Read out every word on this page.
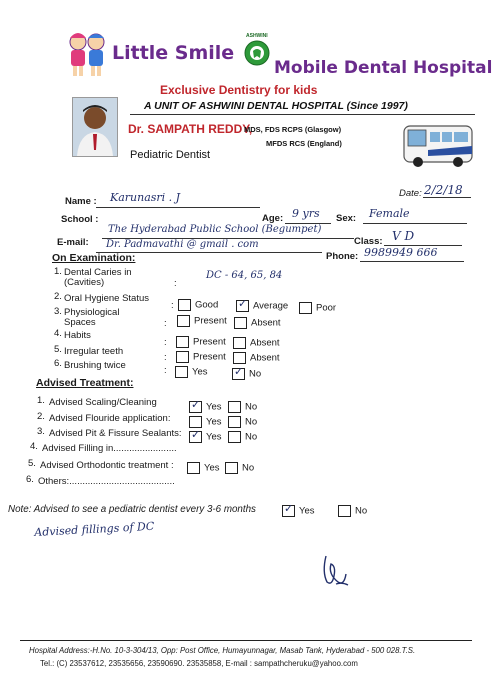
Little Smile
ASHWINI
Mobile Dental Hospital
Exclusive Dentistry for kids
A UNIT OF ASHWINI DENTAL HOSPITAL (Since 1997)
Dr. SAMPATH REDDY,
MDS, FDS RCPS (Glasgow)
MFDS RCS (England)
Pediatric Dentist
Date: 2/2/18
Name : Karunasri . J
Age: 9 yrs Sex: Female
School :
The Hyderabad Public School (Begumpet)
Class: V D
E-mail: Dr. Padmavathi @ gmail . com
Phone: 9989949 666
On Examination:
1. Dental Caries in
(Cavities)	:
DC - 64, 65, 84
2. Oral Hygiene Status
:	Good ✓	Average	Poor
3. Physiological
Spaces	:	Present	Absent
4. Habits
:	Present	Absent
5. Irregular teeth
:	Present	Absent
6. Brushing twice	:	Yes ✓	No
Advised Treatment:
1. Advised Scaling/Cleaning ✓	Yes	No
2. Advised Flouride application:	Yes	No
3. Advised Pit & Fissure Sealants: ✓	Yes	No
4. Advised Filling in........................
5. Advised Orthodontic treatment :	Yes	No
6. Others:........................................
Note: Advised to see a pediatric dentist every 3-6 months ✓	Yes	No
Advised fillings of DC
Hospital Address:-H.No. 10-3-304/13, Opp: Post Office, Humayunnagar, Masab Tank, Hyderabad - 500 028.T.S.
Tel.: (C) 23537612, 23535656, 23590690. 23535858, E-mail : sampathcheruku@yahoo.com
